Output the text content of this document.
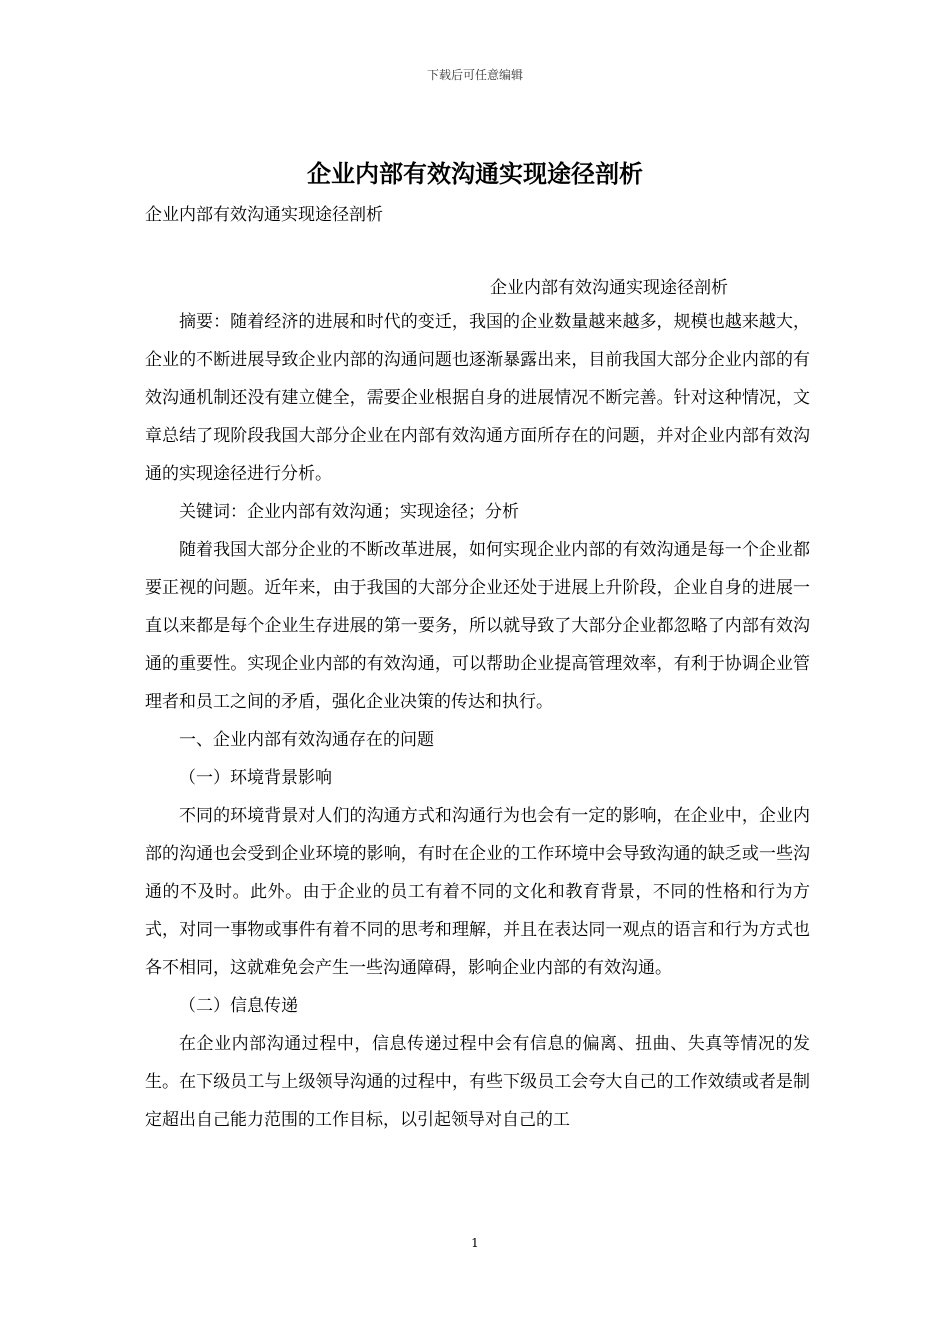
下载后可任意编辑
企业内部有效沟通实现途径剖析

企业内部有效沟通实现途径剖析

企业内部有效沟通实现途径剖析

摘要：随着经济的进展和时代的变迁，我国的企业数量越来越多，规模也越来越大，企业的不断进展导致企业内部的沟通问题也逐渐暴露出来，目前我国大部分企业内部的有效沟通机制还没有建立健全，需要企业根据自身的进展情况不断完善。针对这种情况，文章总结了现阶段我国大部分企业在内部有效沟通方面所存在的问题，并对企业内部有效沟通的实现途径进行分析。

关键词：企业内部有效沟通；实现途径；分析

随着我国大部分企业的不断改革进展，如何实现企业内部的有效沟通是每一个企业都要正视的问题。近年来，由于我国的大部分企业还处于进展上升阶段，企业自身的进展一直以来都是每个企业生存进展的第一要务，所以就导致了大部分企业都忽略了内部有效沟通的重要性。实现企业内部的有效沟通，可以帮助企业提高管理效率，有利于协调企业管理者和员工之间的矛盾，强化企业决策的传达和执行。

一、企业内部有效沟通存在的问题

（一）环境背景影响

不同的环境背景对人们的沟通方式和沟通行为也会有一定的影响，在企业中，企业内部的沟通也会受到企业环境的影响，有时在企业的工作环境中会导致沟通的缺乏或一些沟通的不及时。此外。由于企业的员工有着不同的文化和教育背景，不同的性格和行为方式，对同一事物或事件有着不同的思考和理解，并且在表达同一观点的语言和行为方式也各不相同，这就难免会产生一些沟通障碍，影响企业内部的有效沟通。

（二）信息传递

在企业内部沟通过程中，信息传递过程中会有信息的偏离、扭曲、失真等情况的发生。在下级员工与上级领导沟通的过程中，有些下级员工会夸大自己的工作效绩或者是制定超出自己能力范围的工作目标，以引起领导对自己的工

1
